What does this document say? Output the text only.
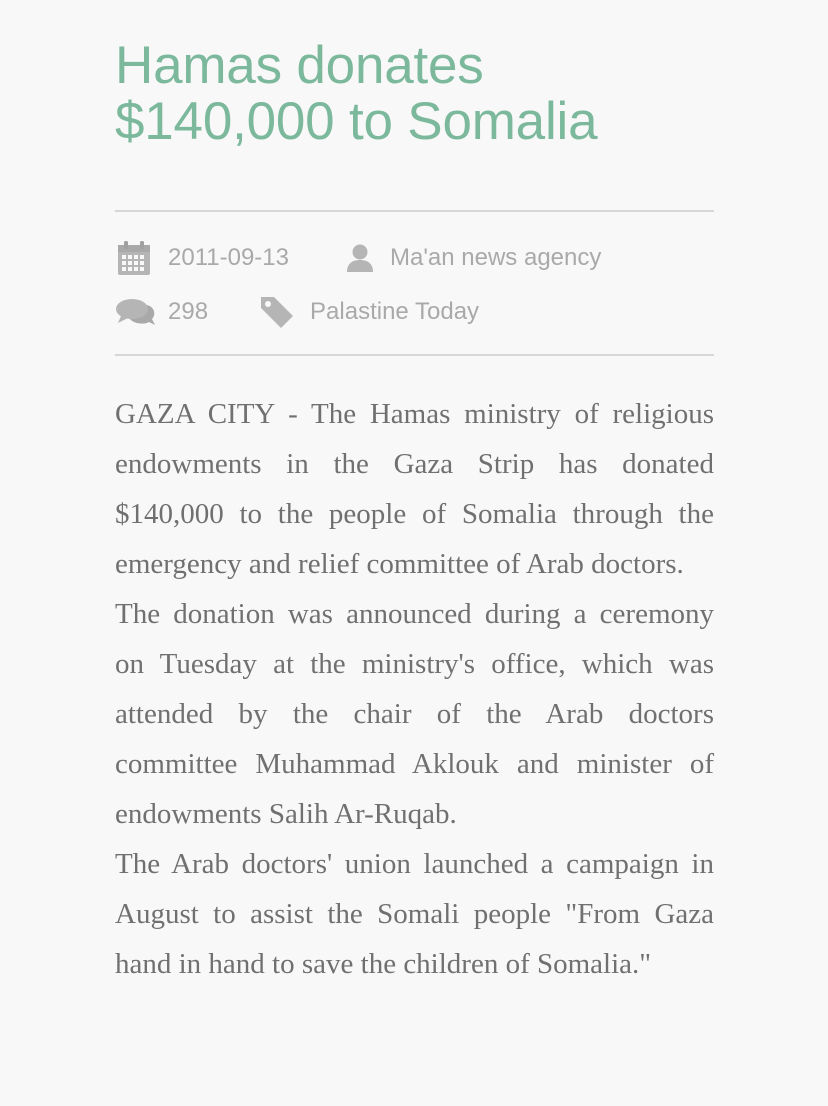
Hamas donates
$140,000 to Somalia
2011-09-13	Ma'an news agency
298	Palastine Today

GAZA CITY - The Hamas ministry of religious endowments in the Gaza Strip has donated $140,000 to the people of Somalia through the emergency and relief committee of Arab doctors.

The donation was announced during a ceremony on Tuesday at the ministry's office, which was attended by the chair of the Arab doctors committee Muhammad Aklouk and minister of endowments Salih Ar-Ruqab.

The Arab doctors' union launched a campaign in August to assist the Somali people "From Gaza hand in hand to save the children of Somalia."
